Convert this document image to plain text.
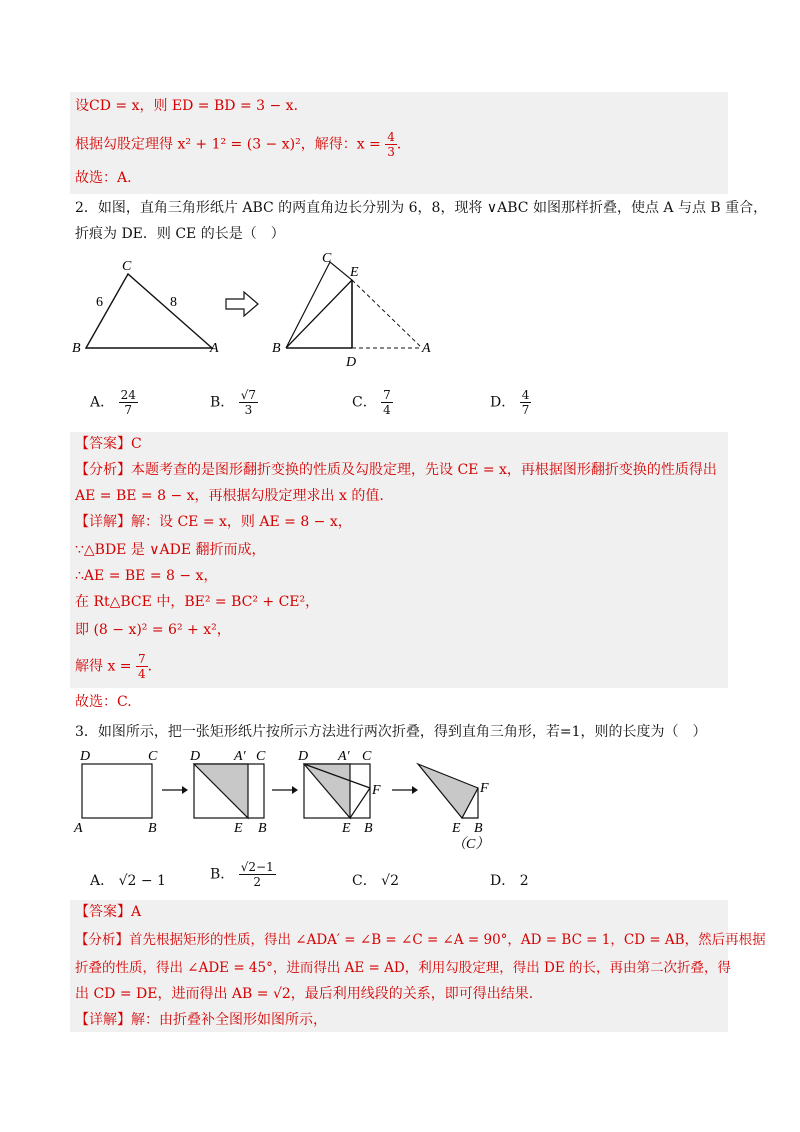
设CD = x，则 ED = BD = 3 − x．
根据勾股定理得 x² + 1² = (3 − x)²，解得：$x = \frac{4}{3}$ ．
故选：A.
2．如图，直角三角形纸片 ABC 的两直角边长分别为 6，8，现将 ∨ABC 如图那样折叠，使点 A 与点 B 重合，
折痕为 DE．则 CE 的长是（　）
C
B	A
6	8
C
E
B
D
A
A． $\frac{24}{7}$	B． $\frac{√7}{3}$	C． $\frac{7}{4}$	D． $\frac{4}{7}$
【答案】C
【分析】本题考查的是图形翻折变换的性质及勾股定理，先设 CE = x，再根据图形翻折变换的性质得出
AE = BE = 8 − x，再根据勾股定理求出 x 的值.
【详解】解：设 CE = x，则 AE = 8 − x，
∵△BDE 是 ∨ADE 翻折而成，
∴AE = BE = 8 − x，
在 Rt△BCE 中，BE² = BC² + CE²，
即 (8 − x)² = 6² + x²，
解得 $x = \frac{7}{4}$ ．
故选：C.
3．如图所示，把一张矩形纸片按所示方法进行两次折叠，得到直角三角形，若=1，则的长度为（　）
D	C
A	B
D A′ C
E B
D A′ C
F
E B
F
E B
（C）
A． √2 − 1	B． $\frac{√2-1}{2}$	C． √2	D． 2
【答案】A
【分析】首先根据矩形的性质，得出 ∠ADA′ = ∠B = ∠C = ∠A = 90°，AD = BC = 1，CD = AB，然后再根据
折叠的性质，得出 ∠ADE = 45°，进而得出 AE = AD，利用勾股定理，得出 DE 的长，再由第二次折叠，得
出 CD = DE，进而得出 AB = √2，最后利用线段的关系，即可得出结果.
【详解】解：由折叠补全图形如图所示，
